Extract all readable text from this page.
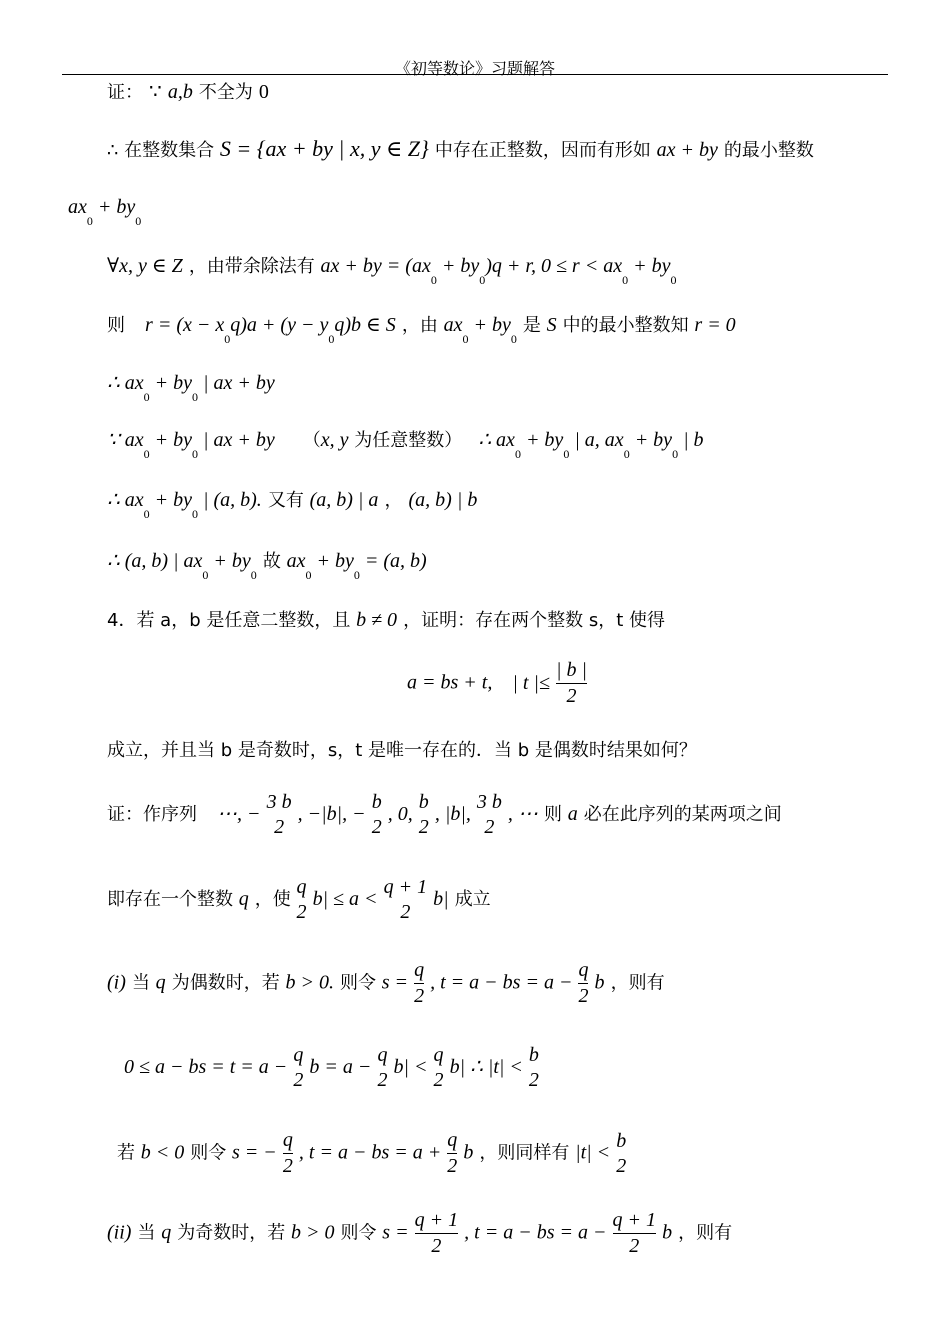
《初等数论》习题解答
证： ∵ a,b 不全为 0
∴ 在整数集合 S = {ax + by | x, y ∈ Z} 中存在正整数，因而有形如 ax + by 的最小整数
$ax_0 + by_0$
∀x, y ∈ Z ，由带余除法有 ax + by = $(ax_0 + by_0)q + r$, $0 \le r < ax_0 + by_0$
则 $r = (x - x_0q)a + (y - y_0q)b$ ∈ S ，由 $ax_0 + by_0$ 是 S 中的最小整数知 r = 0
∴ $ax_0 + by_0$ | ax + by
∵ $ax_0 + by_0$ | ax + by （x, y 为任意整数） ∴ $ax_0 + by_0$ | a, $ax_0 + by_0$ | b
∴ $ax_0 + by_0$ | (a, b). 又有 (a, b) | a ， (a, b) | b
∴ (a, b) | $ax_0 + by_0$ 故 $ax_0 + by_0 = (a$, b)
4．若 a，b 是任意二整数，且 b ≠ 0 ，证明：存在两个整数 s，t 使得
a = bs + t, | t |≤ $\frac{| b |}{2}$
成立，并且当 b 是奇数时，s，t 是唯一存在的．当 b 是偶数时结果如何？
证：作序列 ⋯, −
3 b
2
, −|b|, −
b
2
, 0,
b
2
, |b|,
3 b
2
, ⋯ 则 a 必在此序列的某两项之间
即存在一个整数 q ，使
q
2
b| ≤ a <
q + 1
2
b| 成立
(i) 当 q 为偶数时，若 b > 0. 则令 $s = \frac{q}{2}$ , t = a − bs = $a - \frac{q}{2}$ b ，则有
0 ≤ a − bs = t = a −
q
2
b = a −
q
2
b| <
q
2
b| ∴ |t| <
b
2
若 b < 0 则令 s = − $\frac{q}{2}$ , t = a − bs = $a + \frac{q}{2}$ b ，则同样有 |t| <
b
2
(ii) 当 q 为奇数时，若 b > 0 则令 $s = \frac{q + 1}{2}$ , t = a − bs = $a - \frac{q + 1}{2}$ b ，则有
